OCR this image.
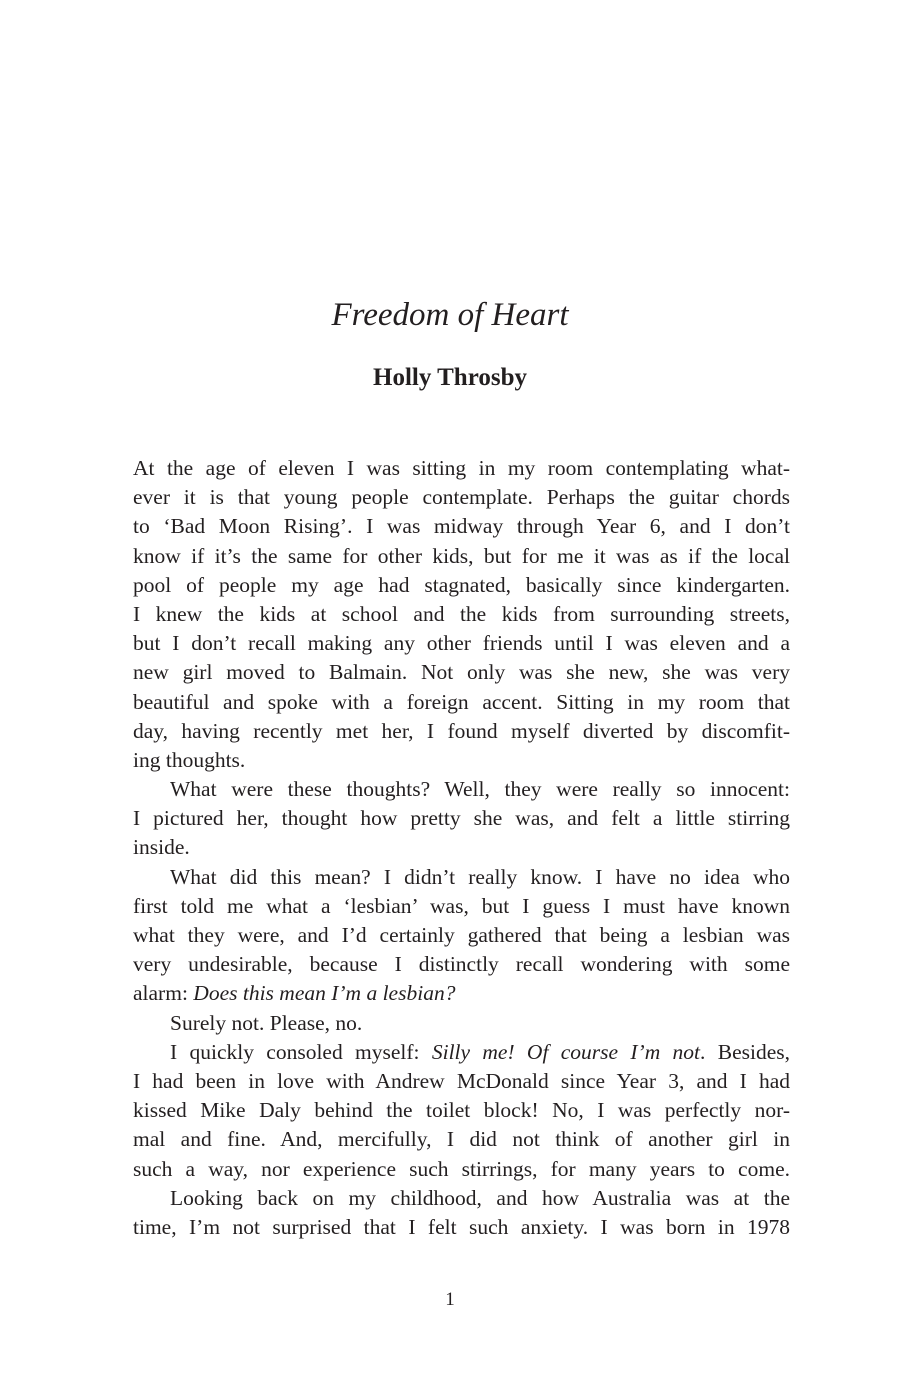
Freedom of Heart
Holly Throsby
At the age of eleven I was sitting in my room contemplating what-
ever it is that young people contemplate. Perhaps the guitar chords
to ‘Bad Moon Rising’. I was midway through Year 6, and I don’t
know if it’s the same for other kids, but for me it was as if the local
pool of people my age had stagnated, basically since kindergarten.
I knew the kids at school and the kids from surrounding streets,
but I don’t recall making any other friends until I was eleven and a
new girl moved to Balmain. Not only was she new, she was very
beautiful and spoke with a foreign accent. Sitting in my room that
day, having recently met her, I found myself diverted by discomfit-
ing thoughts.
What were these thoughts? Well, they were really so innocent:
I pictured her, thought how pretty she was, and felt a little stirring
inside.
What did this mean? I didn’t really know. I have no idea who
first told me what a ‘lesbian’ was, but I guess I must have known
what they were, and I’d certainly gathered that being a lesbian was
very undesirable, because I distinctly recall wondering with some
alarm: Does this mean I’m a lesbian?
Surely not. Please, no.
I quickly consoled myself: Silly me! Of course I’m not. Besides,
I had been in love with Andrew McDonald since Year 3, and I had
kissed Mike Daly behind the toilet block! No, I was perfectly nor-
mal and fine. And, mercifully, I did not think of another girl in
such a way, nor experience such stirrings, for many years to come.
Looking back on my childhood, and how Australia was at the
time, I’m not surprised that I felt such anxiety. I was born in 1978
1
